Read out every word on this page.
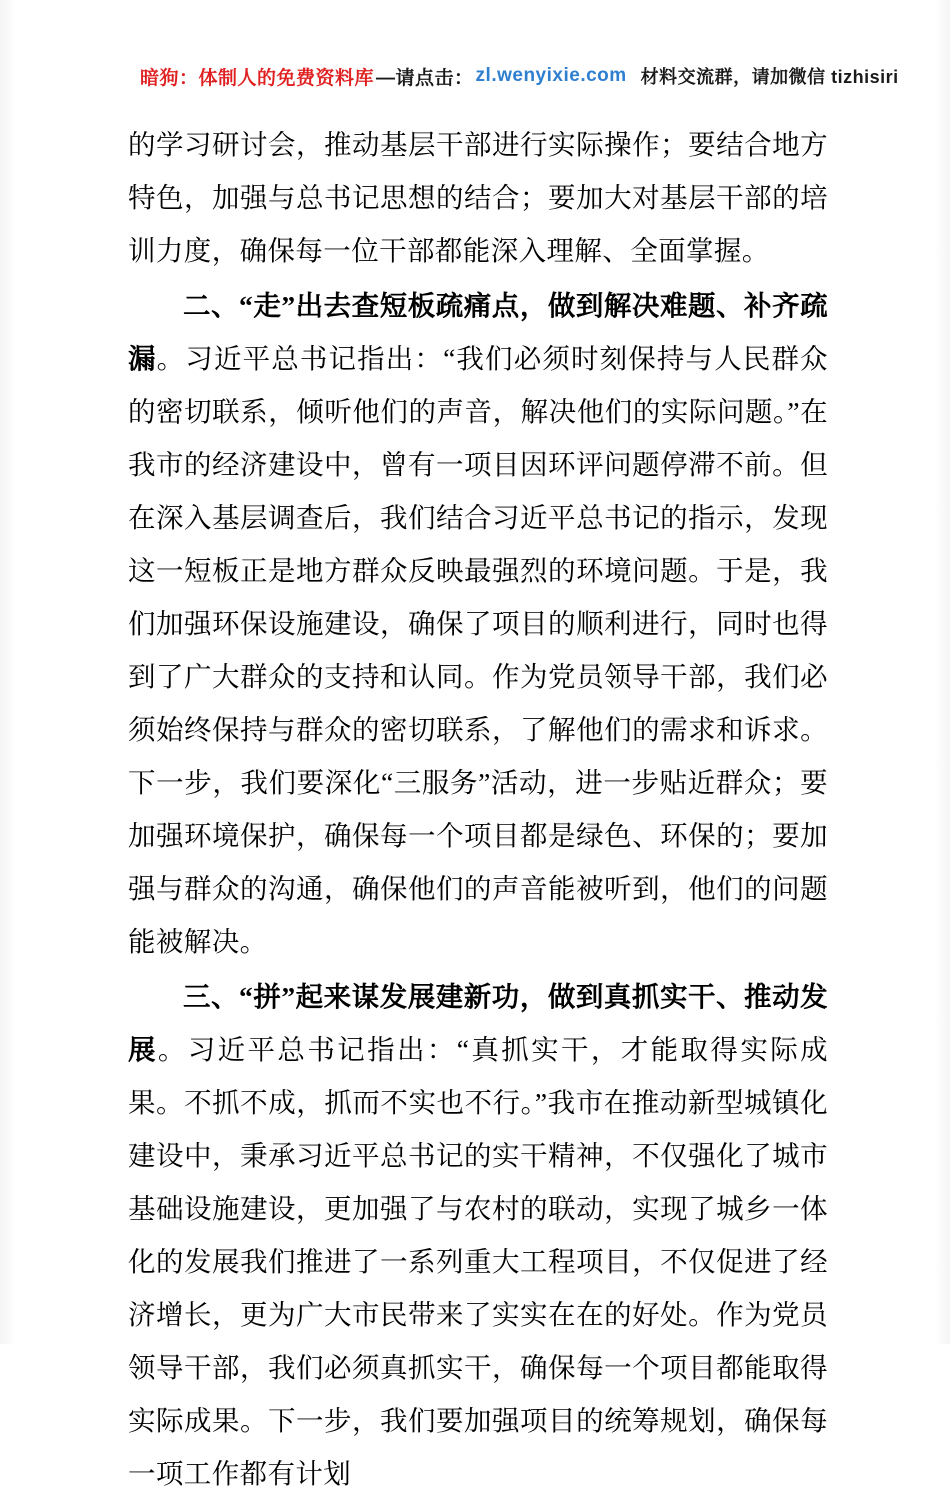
暗狗： 体制人的免费资料库 —请点击： zl.wenyixie.com 材料交流群，请加微信 tizhisiri

的学习研讨会，推动基层干部进行实际操作；要结合地方特色，加强与总书记思想的结合；要加大对基层干部的培训力度，确保每一位干部都能深入理解、全面掌握。

二、“走”出去查短板疏痛点，做到解决难题、补齐疏漏。习近平总书记指出：“我们必须时刻保持与人民群众的密切联系，倾听他们的声音，解决他们的实际问题。”在我市的经济建设中，曾有一项目因环评问题停滞不前。但在深入基层调查后，我们结合习近平总书记的指示，发现这一短板正是地方群众反映最强烈的环境问题。于是，我们加强环保设施建设，确保了项目的顺利进行，同时也得到了广大群众的支持和认同。作为党员领导干部，我们必须始终保持与群众的密切联系，了解他们的需求和诉求。下一步，我们要深化“三服务”活动，进一步贴近群众；要加强环境保护，确保每一个项目都是绿色、环保的；要加强与群众的沟通，确保他们的声音能被听到，他们的问题能被解决。

三、“拼”起来谋发展建新功，做到真抓实干、推动发展。习近平总书记指出：“真抓实干，才能取得实际成果。不抓不成，抓而不实也不行。”我市在推动新型城镇化建设中，秉承习近平总书记的实干精神，不仅强化了城市基础设施建设，更加强了与农村的联动，实现了城乡一体化的发展我们推进了一系列重大工程项目，不仅促进了经济增长，更为广大市民带来了实实在在的好处。作为党员领导干部，我们必须真抓实干，确保每一个项目都能取得实际成果。下一步，我们要加强项目的统筹规划，确保每一项工作都有计划
